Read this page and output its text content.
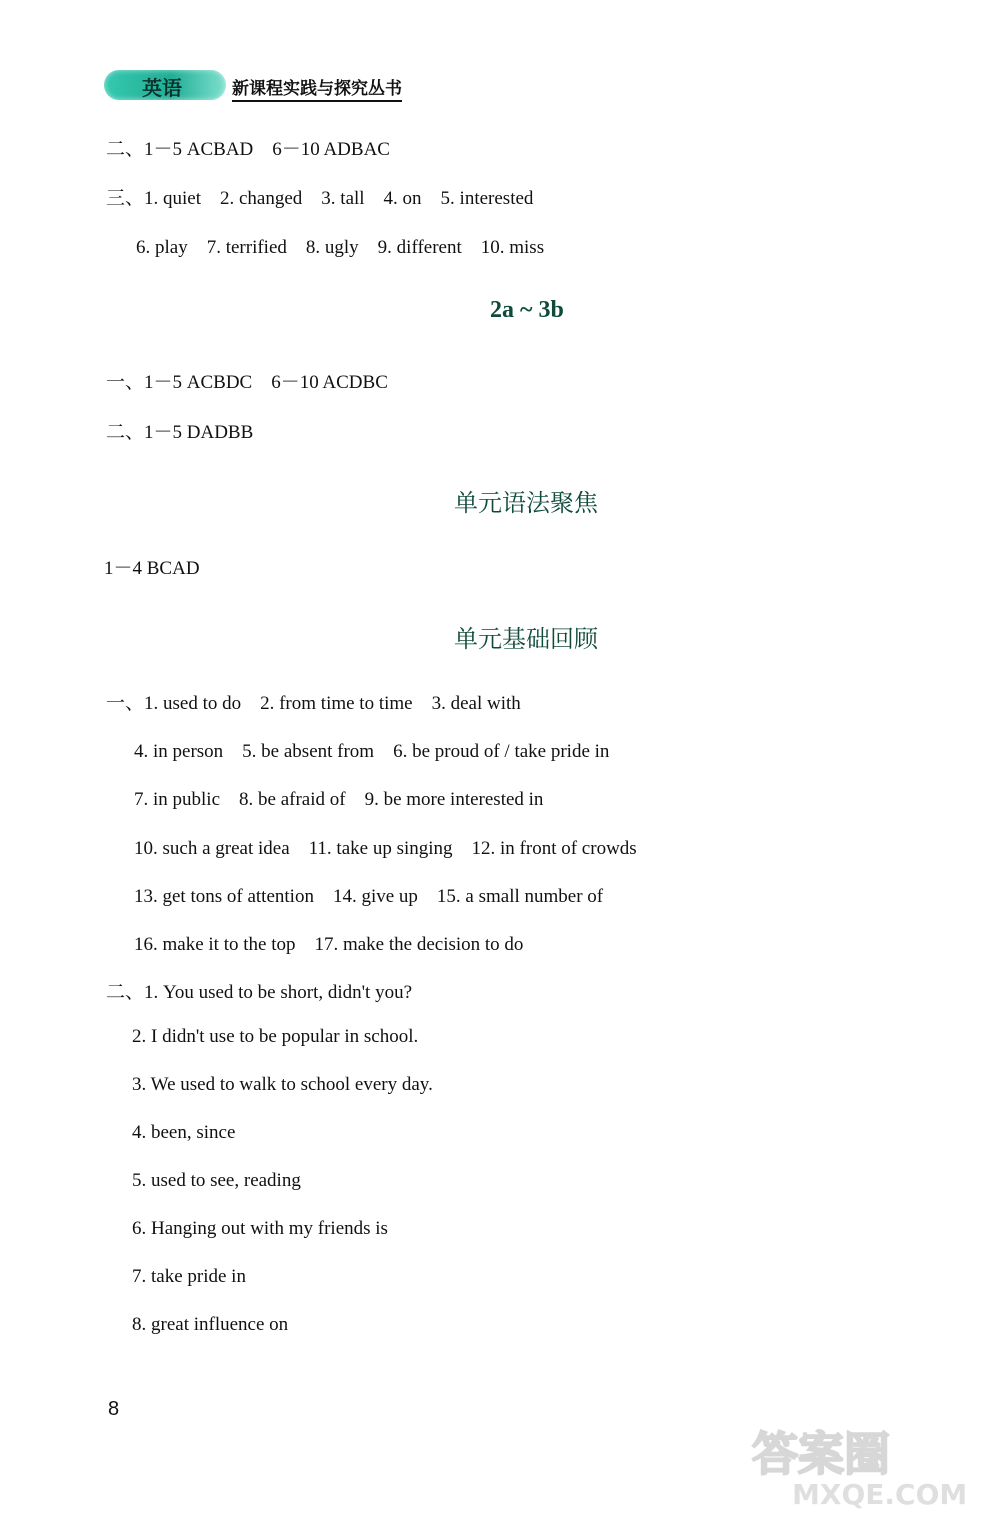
英语	新课程实践与探究丛书
二、1－5 ACBAD　6－10 ADBAC
三、1. quiet　2. changed　3. tall　4. on　5. interested
6. play　7. terrified　8. ugly　9. different　10. miss
2a ~ 3b
一、1－5 ACBDC　6－10 ACDBC
二、1－5 DADBB
单元语法聚焦
1－4 BCAD
单元基础回顾
一、1. used to do　2. from time to time　3. deal with
4. in person　5. be absent from　6. be proud of / take pride in
7. in public　8. be afraid of　9. be more interested in
10. such a great idea　11. take up singing　12. in front of crowds
13. get tons of attention　14. give up　15. a small number of
16. make it to the top　17. make the decision to do
二、1. You used to be short, didn't you?
2. I didn't use to be popular in school.
3. We used to walk to school every day.
4. been, since
5. used to see, reading
6. Hanging out with my friends is
7. take pride in
8. great influence on
8
答案圈
MXQE.COM
